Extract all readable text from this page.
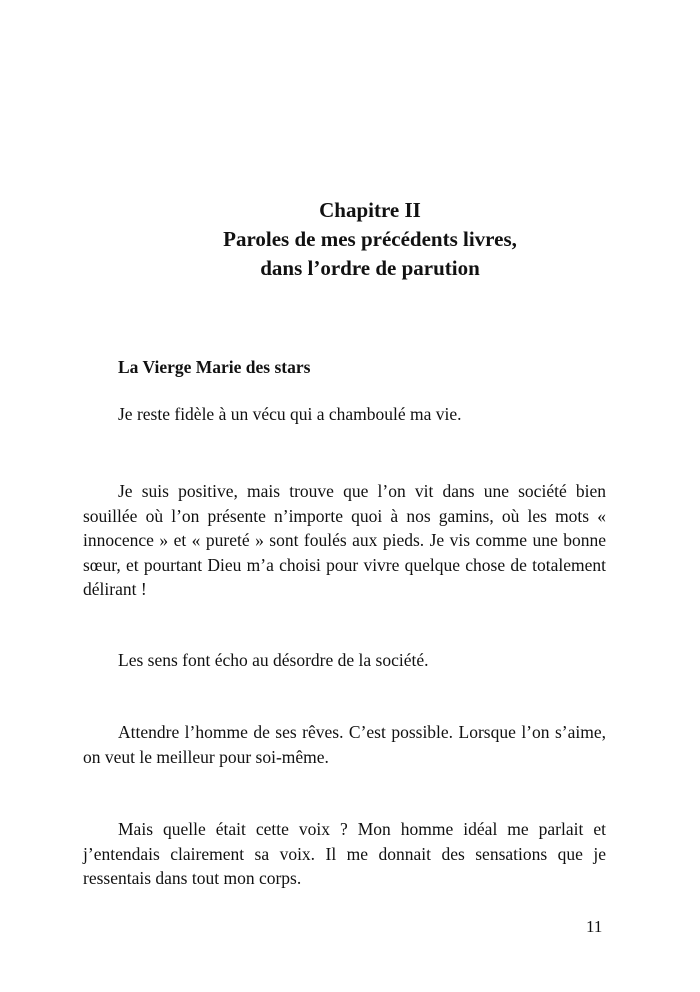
Chapitre II
Paroles de mes précédents livres,
dans l’ordre de parution
La Vierge Marie des stars

Je reste fidèle à un vécu qui a chamboulé ma vie.

Je suis positive, mais trouve que l’on vit dans une société bien souillée où l’on présente n’importe quoi à nos gamins, où les mots « innocence » et « pureté » sont foulés aux pieds. Je vis comme une bonne sœur, et pourtant Dieu m’a choisi pour vivre quelque chose de totalement délirant !

Les sens font écho au désordre de la société.

Attendre l’homme de ses rêves. C’est possible. Lorsque l’on s’aime, on veut le meilleur pour soi-même.

Mais quelle était cette voix ? Mon homme idéal me parlait et j’entendais clairement sa voix. Il me donnait des sensations que je ressentais dans tout mon corps.

11
